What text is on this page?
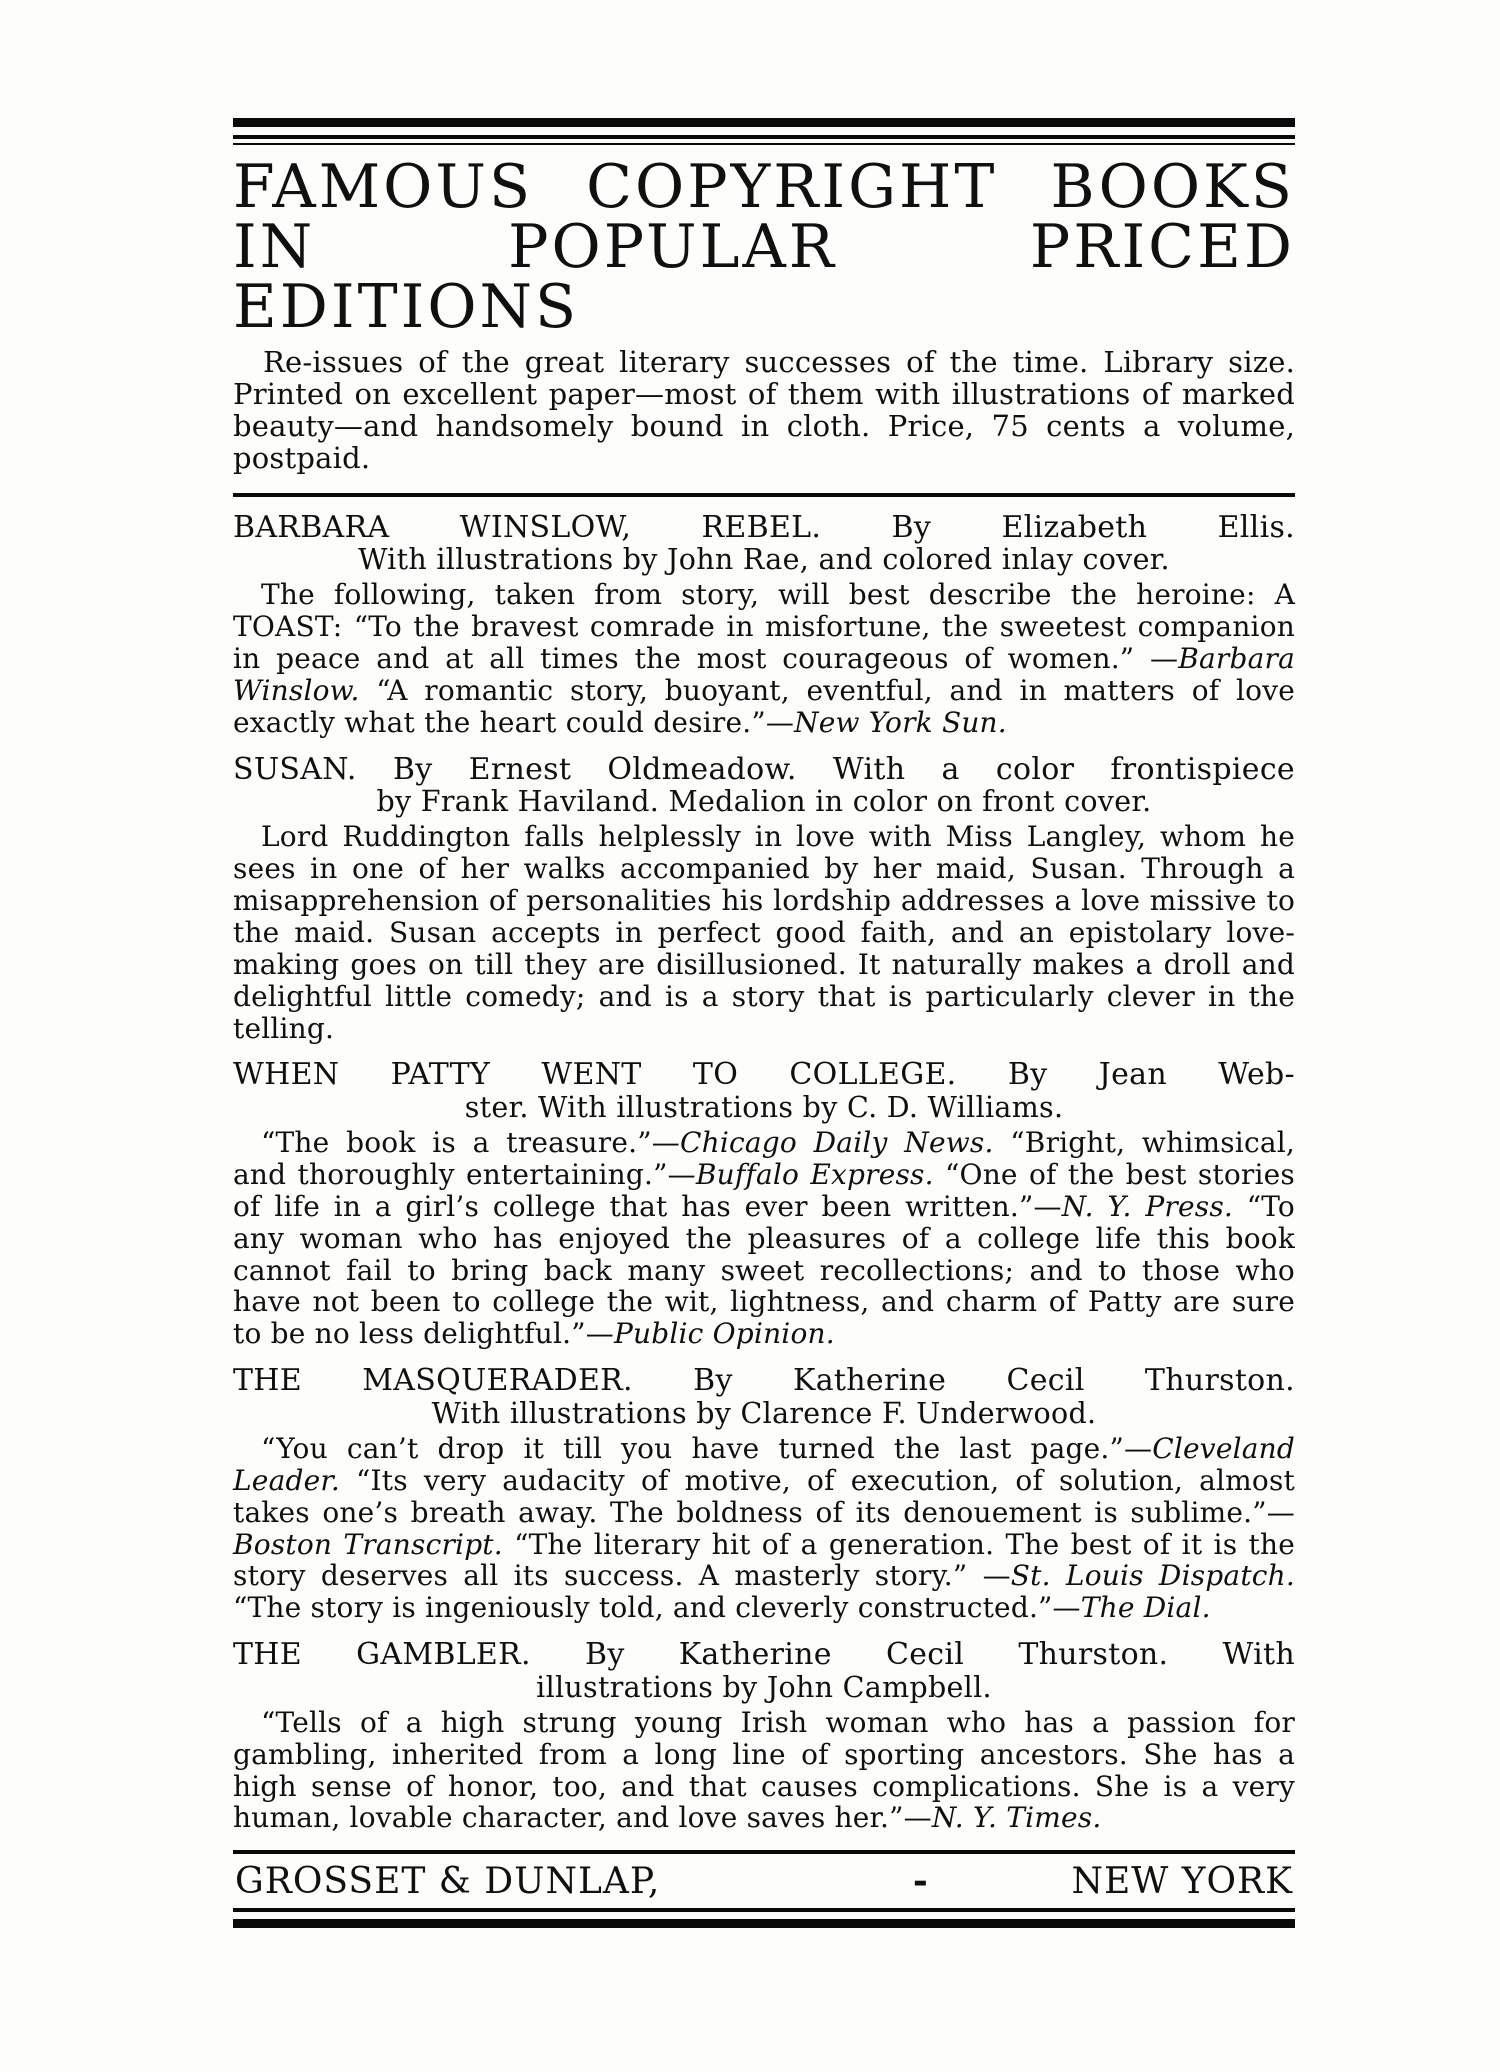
FAMOUS COPYRIGHT BOOKS
IN POPULAR PRICED EDITIONS

Re-issues of the great literary successes of the time. Library size. Printed on excellent paper—most of them with illustrations of marked beauty—and handsomely bound in cloth. Price, 75 cents a volume, postpaid.

BARBARA WINSLOW, REBEL. By Elizabeth Ellis.
With illustrations by John Rae, and colored inlay cover.

The following, taken from story, will best describe the heroine: A TOAST: “To the bravest comrade in misfortune, the sweetest companion in peace and at all times the most courageous of women.” —Barbara Winslow. “A romantic story, buoyant, eventful, and in matters of love exactly what the heart could desire.”—New York Sun.

SUSAN. By Ernest Oldmeadow. With a color frontispiece
by Frank Haviland. Medalion in color on front cover.

Lord Ruddington falls helplessly in love with Miss Langley, whom he sees in one of her walks accompanied by her maid, Susan. Through a misapprehension of personalities his lordship addresses a love missive to the maid. Susan accepts in perfect good faith, and an epistolary love-making goes on till they are disillusioned. It naturally makes a droll and delightful little comedy; and is a story that is particularly clever in the telling.

WHEN PATTY WENT TO COLLEGE. By Jean Web-
ster. With illustrations by C. D. Williams.

“The book is a treasure.”—Chicago Daily News. “Bright, whimsical, and thoroughly entertaining.”—Buffalo Express. “One of the best stories of life in a girl’s college that has ever been written.”—N. Y. Press. “To any woman who has enjoyed the pleasures of a college life this book cannot fail to bring back many sweet recollections; and to those who have not been to college the wit, lightness, and charm of Patty are sure to be no less delightful.”—Public Opinion.

THE MASQUERADER. By Katherine Cecil Thurston.
With illustrations by Clarence F. Underwood.

“You can’t drop it till you have turned the last page.”—Cleveland Leader. “Its very audacity of motive, of execution, of solution, almost takes one’s breath away. The boldness of its denouement is sublime.”—Boston Transcript. “The literary hit of a generation. The best of it is the story deserves all its success. A masterly story.” —St. Louis Dispatch. “The story is ingeniously told, and cleverly constructed.”—The Dial.

THE GAMBLER. By Katherine Cecil Thurston. With
illustrations by John Campbell.

“Tells of a high strung young Irish woman who has a passion for gambling, inherited from a long line of sporting ancestors. She has a high sense of honor, too, and that causes complications. She is a very human, lovable character, and love saves her.”—N. Y. Times.

GROSSET & DUNLAP,	-	NEW YORK
